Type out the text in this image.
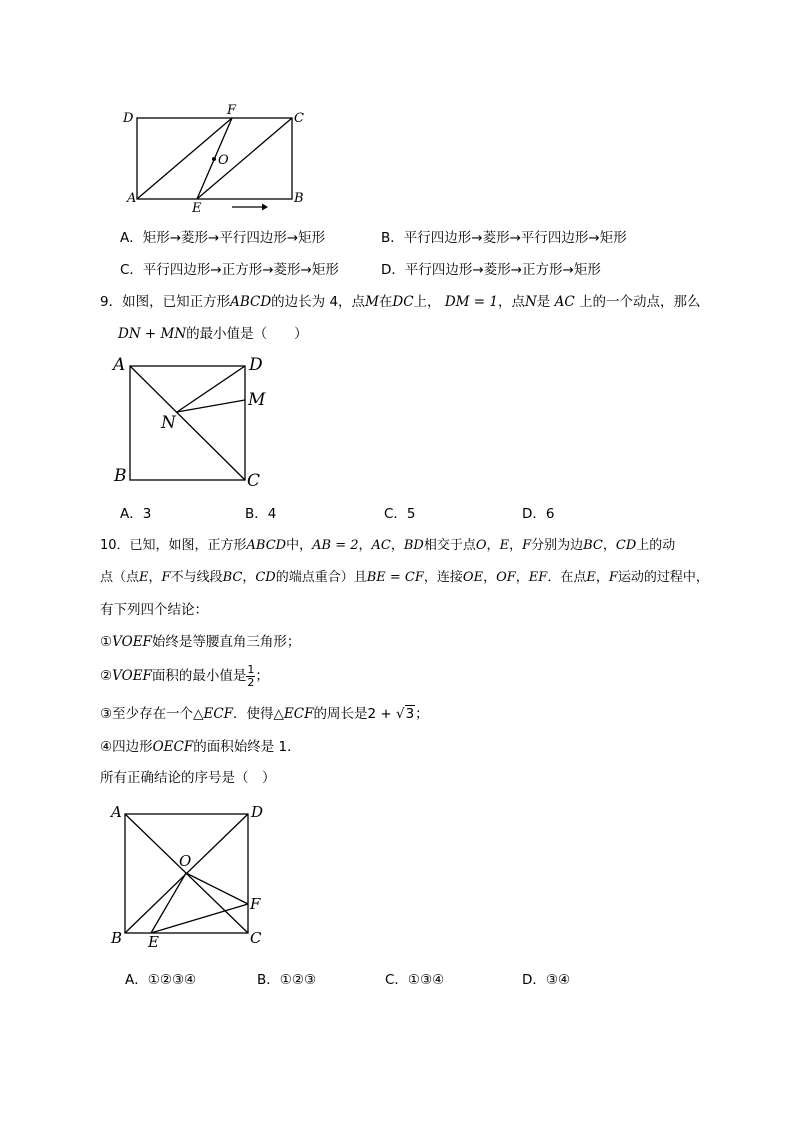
D
F
C
O
A
E
B
A．矩形→菱形→平行四边形→矩形	B．平行四边形→菱形→平行四边形→矩形
C．平行四边形→正方形→菱形→矩形	D．平行四边形→菱形→正方形→矩形
9．如图，已知正方形ABCD的边长为 4，点M在DC上， DM = 1，点N是 AC 上的一个动点，那么
DN + MN的最小值是（　　）
A	D
M
N
B	C
A．3	B．4	C．5	D．6
10．已知，如图，正方形ABCD中，AB = 2，AC，BD相交于点O，E，F分别为边BC，CD上的动
点（点E，F不与线段BC，CD的端点重合）且BE = CF，连接OE，OF，EF．在点E，F运动的过程中，
有下列四个结论：
①VOEF始终是等腰直角三角形；
②VOEF面积的最小值是 $\frac{1}{2}$ ；
③至少存在一个△ECF．使得△ECF的周长是2 + √3；
④四边形OECF的面积始终是 1．
所有正确结论的序号是（　）
A	D
O
F
B E	C
A．①②③④	B．①②③	C．①③④	D．③④
